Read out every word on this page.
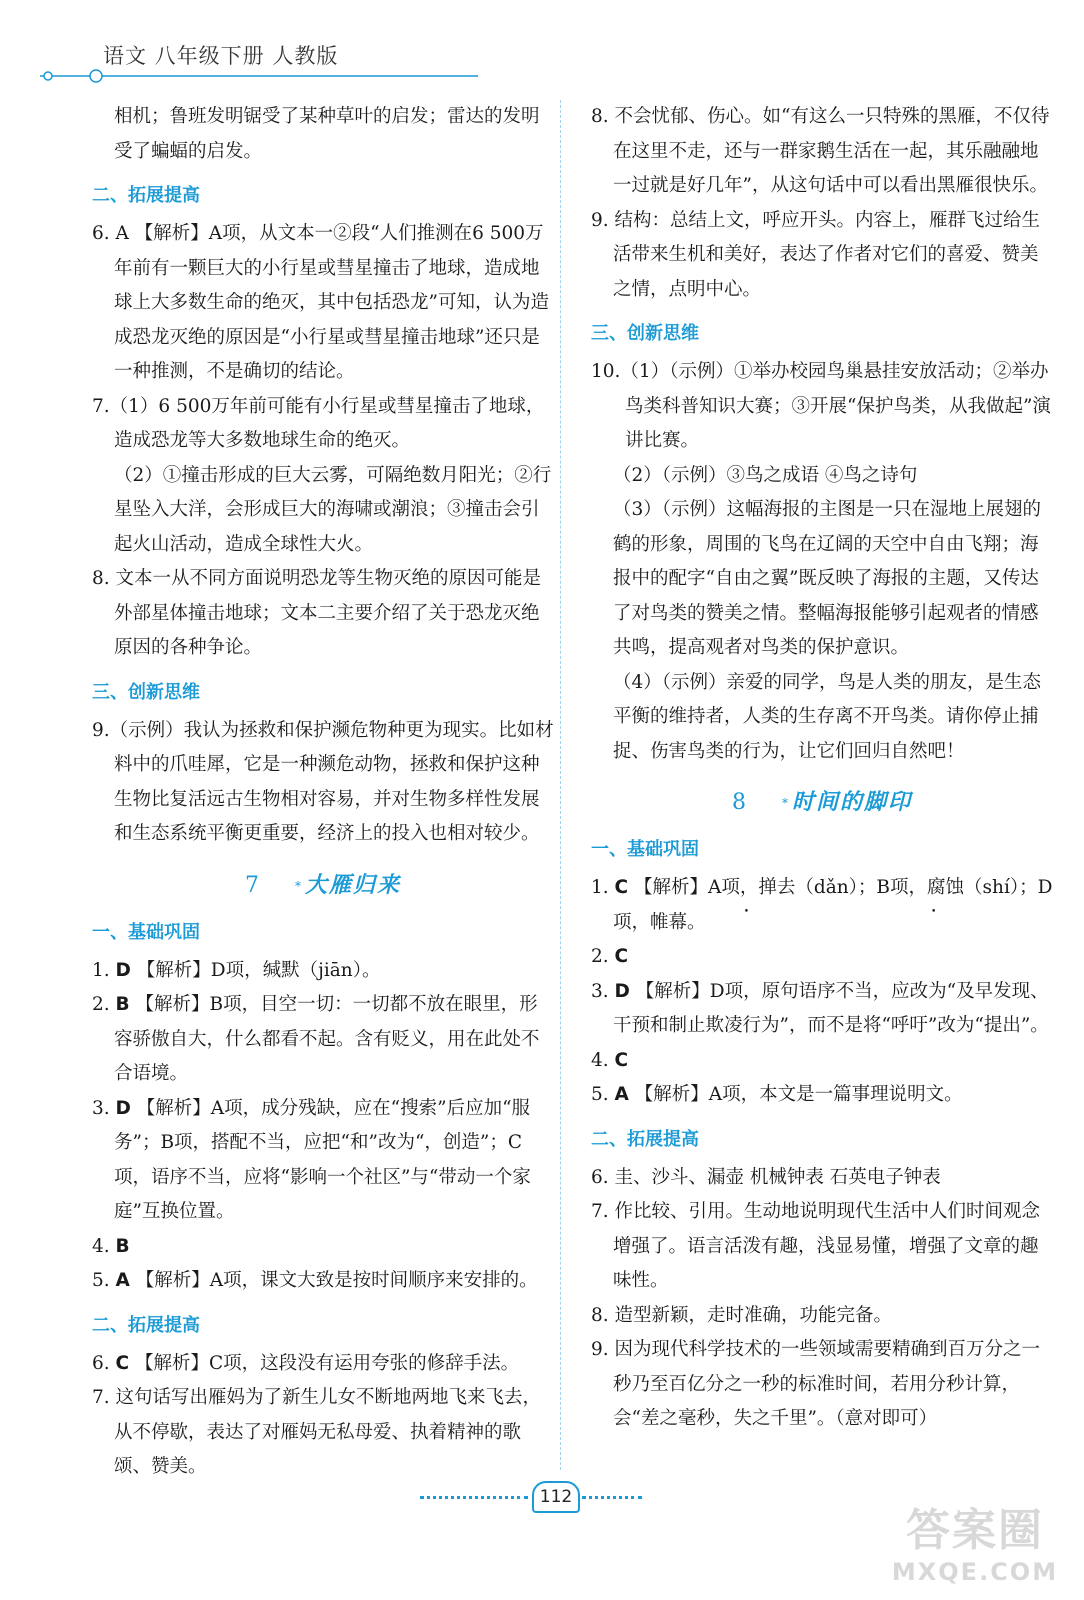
语文 八年级下册 人教版

相机；鲁班发明锯受了某种草叶的启发；雷达的发明受了蝙蝠的启发。

二、拓展提高

6. A 【解析】A项，从文本一②段“人们推测在6 500万年前有一颗巨大的小行星或彗星撞击了地球，造成地球上大多数生命的绝灭，其中包括恐龙”可知，认为造成恐龙灭绝的原因是“小行星或彗星撞击地球”还只是一种推测，不是确切的结论。

7.（1）6 500万年前可能有小行星或彗星撞击了地球，造成恐龙等大多数地球生命的绝灭。

（2）①撞击形成的巨大云雾，可隔绝数月阳光；②行星坠入大洋，会形成巨大的海啸或潮浪；③撞击会引起火山活动，造成全球性大火。

8. 文本一从不同方面说明恐龙等生物灭绝的原因可能是外部星体撞击地球；文本二主要介绍了关于恐龙灭绝原因的各种争论。

三、创新思维

9.（示例）我认为拯救和保护濒危物种更为现实。比如材料中的爪哇犀，它是一种濒危动物，拯救和保护这种生物比复活远古生物相对容易，并对生物多样性发展和生态系统平衡更重要，经济上的投入也相对较少。

7	* 大雁归来
一、基础巩固

1. D 【解析】D项，缄默（jiān）。

2. B 【解析】B项，目空一切：一切都不放在眼里，形容骄傲自大，什么都看不起。含有贬义，用在此处不合语境。

3. D 【解析】A项，成分残缺，应在“搜索”后应加“服务”；B项，搭配不当，应把“和”改为“，创造”；C项，语序不当，应将“影响一个社区”与“带动一个家庭”互换位置。

4. B

5. A 【解析】A项，课文大致是按时间顺序来安排的。

二、拓展提高

6. C 【解析】C项，这段没有运用夸张的修辞手法。

7. 这句话写出雁妈为了新生儿女不断地两地飞来飞去，从不停歇，表达了对雁妈无私母爱、执着精神的歌颂、赞美。

8. 不会忧郁、伤心。如“有这么一只特殊的黑雁，不仅待在这里不走，还与一群家鹅生活在一起，其乐融融地一过就是好几年”，从这句话中可以看出黑雁很快乐。

9. 结构：总结上文，呼应开头。内容上，雁群飞过给生活带来生机和美好，表达了作者对它们的喜爱、赞美之情，点明中心。

三、创新思维

10.（1）（示例）①举办校园鸟巢悬挂安放活动；②举办鸟类科普知识大赛；③开展“保护鸟类，从我做起”演讲比赛。

（2）（示例）③鸟之成语 ④鸟之诗句

（3）（示例）这幅海报的主图是一只在湿地上展翅的鹤的形象，周围的飞鸟在辽阔的天空中自由飞翔；海报中的配字“自由之翼”既反映了海报的主题，又传达了对鸟类的赞美之情。整幅海报能够引起观者的情感共鸣，提高观者对鸟类的保护意识。

（4）（示例）亲爱的同学，鸟是人类的朋友，是生态平衡的维持者，人类的生存离不开鸟类。请你停止捕捉、伤害鸟类的行为，让它们回归自然吧！

8	* 时间的脚印
一、基础巩固

1. C 【解析】A项，掸去（dǎn）；B项，腐蚀（shí）；D项，帷幕。

2. C

3. D 【解析】D项，原句语序不当，应改为“及早发现、干预和制止欺凌行为”，而不是将“呼吁”改为“提出”。

4. C

5. A 【解析】A项，本文是一篇事理说明文。

二、拓展提高

6. 圭、沙斗、漏壶 机械钟表 石英电子钟表

7. 作比较、引用。生动地说明现代生活中人们时间观念增强了。语言活泼有趣，浅显易懂，增强了文章的趣味性。

8. 造型新颖，走时准确，功能完备。

9. 因为现代科学技术的一些领域需要精确到百万分之一秒乃至百亿分之一秒的标准时间，若用分秒计算，会“差之毫秒，失之千里”。（意对即可）

112
答案圈
MXQE.COM
